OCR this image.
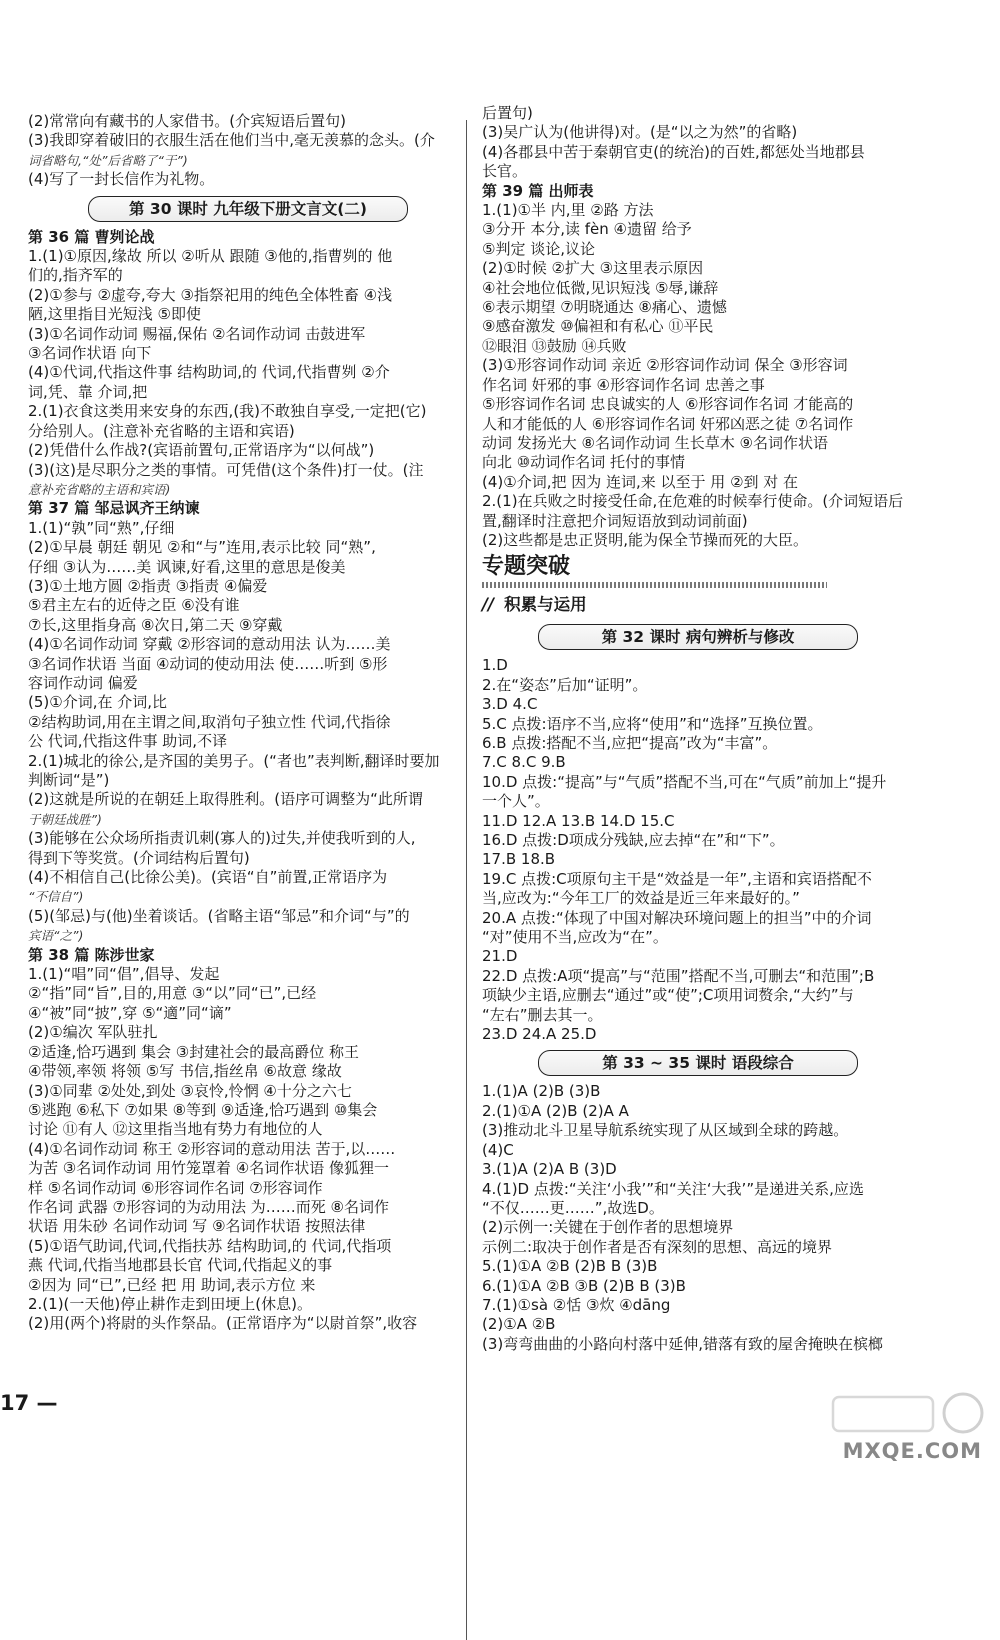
(2)常常向有藏书的人家借书。(介宾短语后置句)
(3)我即穿着破旧的衣服生活在他们当中,毫无羡慕的念头。(介
词省略句,“处”后省略了“于”)
(4)写了一封长信作为礼物。
第 30 课时 九年级下册文言文(二)
第 36 篇 曹刿论战
1.(1)①原因,缘故 所以 ②听从 跟随 ③他的,指曹刿的 他
们的,指齐军的
(2)①参与 ②虚夸,夸大 ③指祭祀用的纯色全体牲畜 ④浅
陋,这里指目光短浅 ⑤即使
(3)①名词作动词 赐福,保佑 ②名词作动词 击鼓进军
③名词作状语 向下
(4)①代词,代指这件事 结构助词,的 代词,代指曹刿 ②介
词,凭、靠 介词,把
2.(1)衣食这类用来安身的东西,(我)不敢独自享受,一定把(它)
分给别人。(注意补充省略的主语和宾语)
(2)凭借什么作战?(宾语前置句,正常语序为“以何战”)
(3)(这)是尽职分之类的事情。可凭借(这个条件)打一仗。(注
意补充省略的主语和宾语)
第 37 篇 邹忌讽齐王纳谏
1.(1)“孰”同“熟”,仔细
(2)①早晨 朝廷 朝见 ②和“与”连用,表示比较 同“熟”,
仔细 ③认为……美 讽谏,好看,这里的意思是俊美
(3)①土地方圆 ②指责 ③指责 ④偏爱
⑤君主左右的近侍之臣 ⑥没有谁
⑦长,这里指身高 ⑧次日,第二天 ⑨穿戴
(4)①名词作动词 穿戴 ②形容词的意动用法 认为……美
③名词作状语 当面 ④动词的使动用法 使……听到 ⑤形
容词作动词 偏爱
(5)①介词,在 介词,比
②结构助词,用在主谓之间,取消句子独立性 代词,代指徐
公 代词,代指这件事 助词,不译
2.(1)城北的徐公,是齐国的美男子。(“者也”表判断,翻译时要加
判断词“是”)
(2)这就是所说的在朝廷上取得胜利。(语序可调整为“此所谓
于朝廷战胜”)
(3)能够在公众场所指责讥刺(寡人的)过失,并使我听到的人,
得到下等奖赏。(介词结构后置句)
(4)不相信自己(比徐公美)。(宾语“自”前置,正常语序为
“不信自”)
(5)(邹忌)与(他)坐着谈话。(省略主语“邹忌”和介词“与”的
宾语“之”)
第 38 篇 陈涉世家
1.(1)“唱”同“倡”,倡导、发起
②“指”同“旨”,目的,用意 ③“以”同“已”,已经
④“被”同“披”,穿 ⑤“適”同“谪”
(2)①编次 军队驻扎
②适逢,恰巧遇到 集会 ③封建社会的最高爵位 称王
④带领,率领 将领 ⑤写 书信,指丝帛 ⑥故意 缘故
(3)①同辈 ②处处,到处 ③哀怜,怜惘 ④十分之六七
⑤逃跑 ⑥私下 ⑦如果 ⑧等到 ⑨适逢,恰巧遇到 ⑩集会
讨论 ⑪有人 ⑫这里指当地有势力有地位的人
(4)①名词作动词 称王 ②形容词的意动用法 苦于,以……
为苦 ③名词作动词 用竹笼罩着 ④名词作状语 像狐狸一
样 ⑤名词作动词 ⑥形容词作名词 ⑦形容词作
作名词 武器 ⑦形容词的为动用法 为……而死 ⑧名词作
状语 用朱砂 名词作动词 写 ⑨名词作状语 按照法律
(5)①语气助词,代词,代指扶苏 结构助词,的 代词,代指项
燕 代词,代指当地郡县长官 代词,代指起义的事
②因为 同“已”,已经 把 用 助词,表示方位 来
2.(1)(一天他)停止耕作走到田埂上(休息)。
(2)用(两个)将尉的头作祭品。(正常语序为“以尉首祭”,收容
后置句)
(3)吴广认为(他讲得)对。(是“以之为然”的省略)
(4)各郡县中苦于秦朝官吏(的统治)的百姓,都惩处当地郡县
长官。
第 39 篇 出师表
1.(1)①半 内,里 ②路 方法
③分开 本分,读 fèn ④遗留 给予
⑤判定 谈论,议论
(2)①时候 ②扩大 ③这里表示原因
④社会地位低微,见识短浅 ⑤辱,谦辞
⑥表示期望 ⑦明晓通达 ⑧痛心、遗憾
⑨感奋激发 ⑩偏袒和有私心 ⑪平民
⑫眼泪 ⑬鼓励 ⑭兵败
(3)①形容词作动词 亲近 ②形容词作动词 保全 ③形容词
作名词 奸邪的事 ④形容词作名词 忠善之事
⑤形容词作名词 忠良诚实的人 ⑥形容词作名词 才能高的
人和才能低的人 ⑥形容词作名词 奸邪凶恶之徒 ⑦名词作
动词 发扬光大 ⑧名词作动词 生长草木 ⑨名词作状语
向北 ⑩动词作名词 托付的事情
(4)①介词,把 因为 连词,来 以至于 用 ②到 对 在
2.(1)在兵败之时接受任命,在危难的时候奉行使命。(介词短语后
置,翻译时注意把介词短语放到动词前面)
(2)这些都是忠正贤明,能为保全节操而死的大臣。
专题突破
// 积累与运用
第 32 课时 病句辨析与修改
1.D
2.在“姿态”后加“证明”。
3.D 4.C
5.C 点拨:语序不当,应将“使用”和“选择”互换位置。
6.B 点拨:搭配不当,应把“提高”改为“丰富”。
7.C 8.C 9.B
10.D 点拨:“提高”与“气质”搭配不当,可在“气质”前加上“提升
一个人”。
11.D 12.A 13.B 14.D 15.C
16.D 点拨:D项成分残缺,应去掉“在”和“下”。
17.B 18.B
19.C 点拨:C项原句主干是“效益是一年”,主语和宾语搭配不
当,应改为:“今年工厂的效益是近三年来最好的。”
20.A 点拨:“体现了中国对解决环境问题上的担当”中的介词
“对”使用不当,应改为“在”。
21.D
22.D 点拨:A项“提高”与“范围”搭配不当,可删去“和范围”;B
项缺少主语,应删去“通过”或“使”;C项用词赘余,“大约”与
“左右”删去其一。
23.D 24.A 25.D
第 33 ~ 35 课时 语段综合
1.(1)A (2)B (3)B
2.(1)①A (2)B (2)A A
(3)推动北斗卫星导航系统实现了从区域到全球的跨越。
(4)C
3.(1)A (2)A B (3)D
4.(1)D 点拨:“关注‘小我’”和“关注‘大我’”是递进关系,应选
“不仅……更……”,故选D。
(2)示例一:关键在于创作者的思想境界
示例二:取决于创作者是否有深刻的思想、高远的境界
5.(1)①A ②B (2)B B (3)B
6.(1)①A ②B ③B (2)B B (3)B
7.(1)①sà ②恬 ③炊 ④dāng
(2)①A ②B
(3)弯弯曲曲的小路向村落中延伸,错落有致的屋舍掩映在槟榔
17 —
MXQE.COM
